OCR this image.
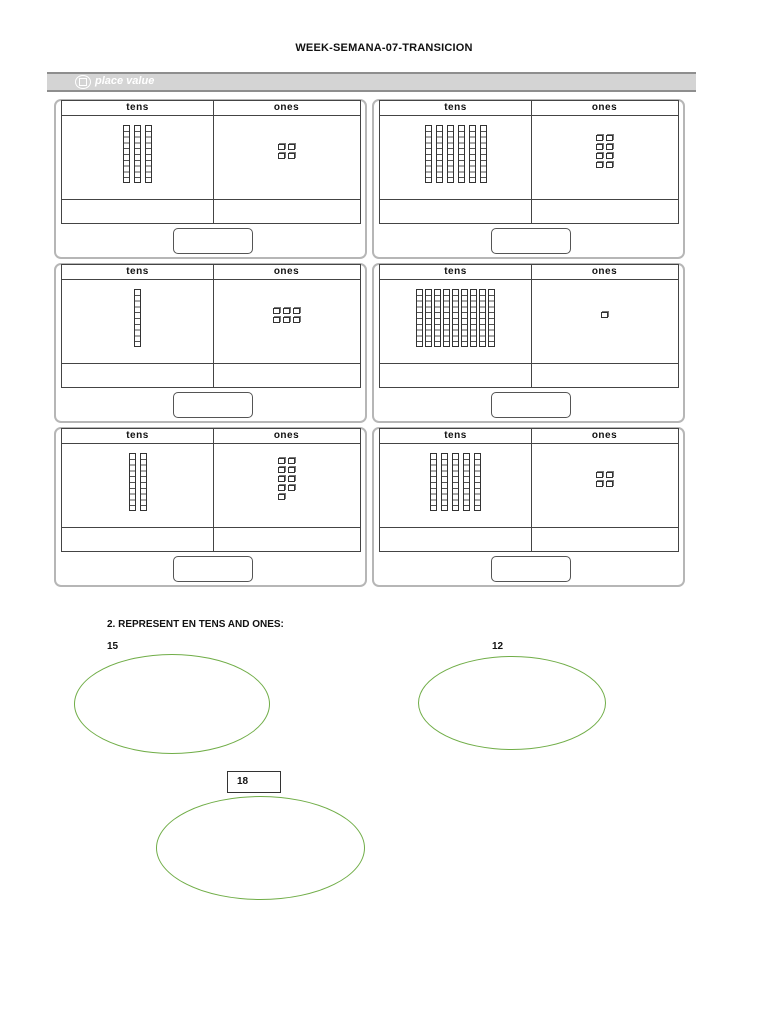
WEEK-SEMANA-07-TRANSICION
place value
tens	ones	tens	ones
tens	ones	tens	ones
tens	ones	tens	ones
2. REPRESENT EN TENS AND ONES:
15	12
18
